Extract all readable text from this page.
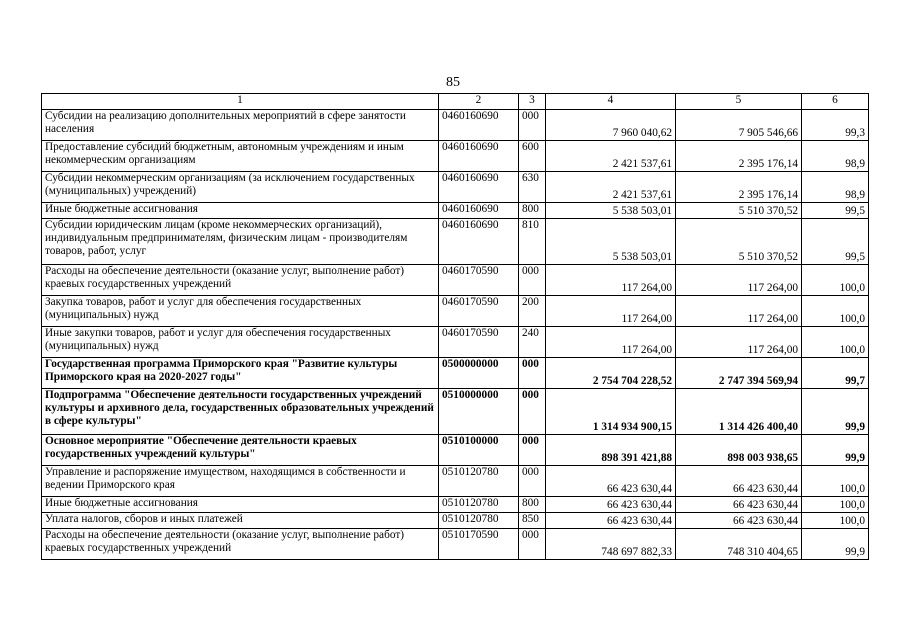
85
1	2	3	4	5	6
Субсидии на реализацию дополнительных мероприятий в сфере занятости населения	0460160690	000	7 960 040,62	7 905 546,66	99,3
Предоставление субсидий бюджетным, автономным учреждениям и иным некоммерческим организациям	0460160690	600	2 421 537,61	2 395 176,14	98,9
Субсидии некоммерческим организациям (за исключением государственных (муниципальных) учреждений)	0460160690	630	2 421 537,61	2 395 176,14	98,9
Иные бюджетные ассигнования	0460160690	800	5 538 503,01	5 510 370,52	99,5
Субсидии юридическим лицам (кроме некоммерческих организаций), индивидуальным предпринимателям, физическим лицам - производителям товаров, работ, услуг	0460160690	810	5 538 503,01	5 510 370,52	99,5
Расходы на обеспечение деятельности (оказание услуг, выполнение работ) краевых государственных учреждений	0460170590	000	117 264,00	117 264,00	100,0
Закупка товаров, работ и услуг для обеспечения государственных (муниципальных) нужд	0460170590	200	117 264,00	117 264,00	100,0
Иные закупки товаров, работ и услуг для обеспечения государственных (муниципальных) нужд	0460170590	240	117 264,00	117 264,00	100,0
Государственная программа Приморского края "Развитие культуры Приморского края на 2020-2027 годы"	0500000000	000	2 754 704 228,52	2 747 394 569,94	99,7
Подпрограмма "Обеспечение деятельности государственных учреждений культуры и архивного дела, государственных образовательных учреждений в сфере культуры"	0510000000	000	1 314 934 900,15	1 314 426 400,40	99,9
Основное мероприятие "Обеспечение деятельности краевых государственных учреждений культуры"	0510100000	000	898 391 421,88	898 003 938,65	99,9
Управление и распоряжение имуществом, находящимся в собственности и ведении Приморского края	0510120780	000	66 423 630,44	66 423 630,44	100,0
Иные бюджетные ассигнования	0510120780	800	66 423 630,44	66 423 630,44	100,0
Уплата налогов, сборов и иных платежей	0510120780	850	66 423 630,44	66 423 630,44	100,0
Расходы на обеспечение деятельности (оказание услуг, выполнение работ) краевых государственных учреждений	0510170590	000	748 697 882,33	748 310 404,65	99,9
